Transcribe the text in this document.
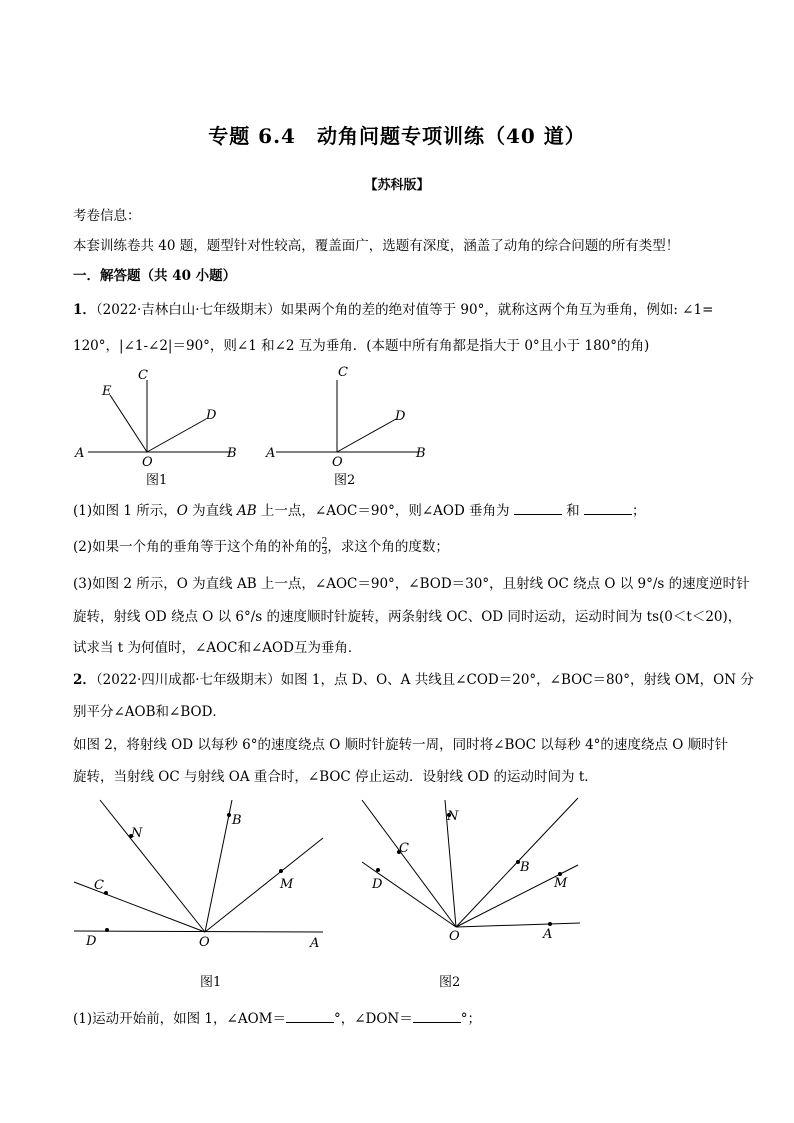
专题 6.4　动角问题专项训练（40 道）
【苏科版】
考卷信息：
本套训练卷共 40 题，题型针对性较高，覆盖面广，选题有深度，涵盖了动角的综合问题的所有类型！
一．解答题（共 40 小题）
1．（2022·吉林白山·七年级期末）如果两个角的差的绝对值等于 90°，就称这两个角互为垂角，例如: ∠1=
120°，|∠1-∠2|＝90°，则∠1 和∠2 互为垂角．(本题中所有角都是指大于 0°且小于 180°的角)
A	B
C
E
D
O
图1
A	B
C
D
O
图2
(1)如图 1 所示，O 为直线 AB 上一点，∠AOC＝90°，则∠AOD 垂角为	和	；
(2)如果一个角的垂角等于这个角的补角的 $\frac{2}{3}$ ，求这个角的度数；
(3)如图 2 所示，O 为直线 AB 上一点，∠AOC＝90°，∠BOD＝30°，且射线 OC 绕点 O 以 9°/s 的速度逆时针
旋转，射线 OD 绕点 O 以 6°/s 的速度顺时针旋转，两条射线 OC、OD 同时运动，运动时间为 ts(0＜t＜20)，
试求当 t 为何值时，∠AOC和∠AOD互为垂角．
2．（2022·四川成都·七年级期末）如图 1，点 D、O、A 共线且∠COD＝20°，∠BOC＝80°，射线 OM，ON 分
别平分∠AOB和∠BOD．
如图 2，将射线 OD 以每秒 6°的速度绕点 O 顺时针旋转一周，同时将∠BOC 以每秒 4°的速度绕点 O 顺时针
旋转，当射线 OC 与射线 OA 重合时，∠BOC 停止运动．设射线 OD 的运动时间为 t．
D
C
N
B
M
O	A
图1
D
C
N
B
M
A
O
图2
(1)运动开始前，如图 1，∠AOM＝	°，∠DON＝	°；
